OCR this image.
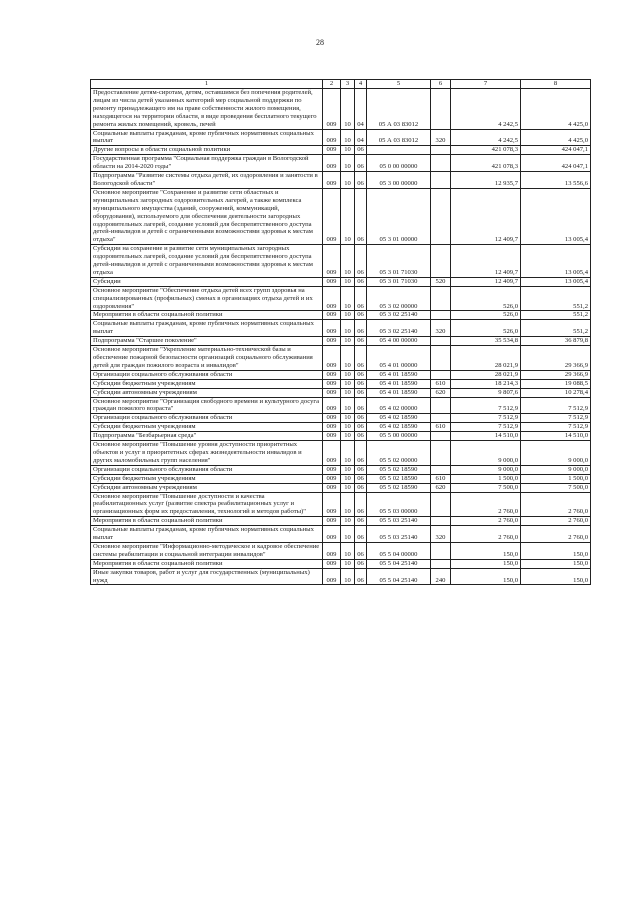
28
1	2	3	4	5	6	7	8
Предоставление детям-сиротам, детям, оставшимся без попечения родителей, лицам из числа детей указанных категорий мер социальной поддержки по ремонту принадлежащего им на праве собственности жилого помещения, находящегося на территории области, в виде проведения бесплатного текущего ремонта жилых помещений, кровель, печей	009	10	04	05 А 03 83012		4 242,5	4 425,0
Социальные выплаты гражданам, кроме публичных нормативных социальных выплат	009	10	04	05 А 03 83012	320	4 242,5	4 425,0
Другие вопросы в области социальной политики	009	10	06			421 078,3	424 047,1
Государственная программа "Социальная поддержка граждан в Вологодской области на 2014-2020 годы"	009	10	06	05 0 00 00000		421 078,3	424 047,1
Подпрограмма "Развитие системы отдыха детей, их оздоровления и занятости в Вологодской области"	009	10	06	05 3 00 00000		12 935,7	13 556,6
Основное мероприятие "Сохранение и развитие сети областных и муниципальных загородных оздоровительных лагерей, а также комплекса муниципального имущества (зданий, сооружений, коммуникаций, оборудования), используемого для обеспечения деятельности загородных оздоровительных лагерей, создание условий для беспрепятственного доступа детей-инвалидов и детей с ограниченными возможностями здоровья к местам отдыха"	009	10	06	05 3 01 00000		12 409,7	13 005,4
Субсидии на сохранение и развитие сети муниципальных загородных оздоровительных лагерей, создание условий для беспрепятственного доступа детей-инвалидов и детей с ограниченными возможностями здоровья к местам отдыха	009	10	06	05 3 01 71030		12 409,7	13 005,4
Субсидии	009	10	06	05 3 01 71030	520	12 409,7	13 005,4
Основное мероприятие "Обеспечение отдыха детей всех групп здоровья на специализированных (профильных) сменах в организациях отдыха детей и их оздоровления"	009	10	06	05 3 02 00000		526,0	551,2
Мероприятия в области социальной политики	009	10	06	05 3 02 25140		526,0	551,2
Социальные выплаты гражданам, кроме публичных нормативных социальных выплат	009	10	06	05 3 02 25140	320	526,0	551,2
Подпрограмма "Старшее поколение"	009	10	06	05 4 00 00000		35 534,8	36 879,8
Основное мероприятие "Укрепление материально-технической базы и обеспечение пожарной безопасности организаций социального обслуживания детей для граждан пожилого возраста и инвалидов"	009	10	06	05 4 01 00000		28 021,9	29 366,9
Организации социального обслуживания области	009	10	06	05 4 01 18590		28 021,9	29 366,9
Субсидии бюджетным учреждениям	009	10	06	05 4 01 18590	610	18 214,3	19 088,5
Субсидии автономным учреждениям	009	10	06	05 4 01 18590	620	9 807,6	10 278,4
Основное мероприятие "Организация свободного времени и культурного досуга граждан пожилого возраста"	009	10	06	05 4 02 00000		7 512,9	7 512,9
Организации социального обслуживания области	009	10	06	05 4 02 18590		7 512,9	7 512,9
Субсидии бюджетным учреждениям	009	10	06	05 4 02 18590	610	7 512,9	7 512,9
Подпрограмма "Безбарьерная среда"	009	10	06	05 5 00 00000		14 510,0	14 510,0
Основное мероприятие "Повышение уровня доступности приоритетных объектов и услуг в приоритетных сферах жизнедеятельности инвалидов и других маломобильных групп населения"	009	10	06	05 5 02 00000		9 000,0	9 000,0
Организации социального обслуживания области	009	10	06	05 5 02 18590		9 000,0	9 000,0
Субсидии бюджетным учреждениям	009	10	06	05 5 02 18590	610	1 500,0	1 500,0
Субсидии автономным учреждениям	009	10	06	05 5 02 18590	620	7 500,0	7 500,0
Основное мероприятие "Повышение доступности и качества реабилитационных услуг (развитие спектра реабилитационных услуг и организационных форм их предоставления, технологий и методов работы)"	009	10	06	05 5 03 00000		2 760,0	2 760,0
Мероприятия в области социальной политики	009	10	06	05 5 03 25140		2 760,0	2 760,0
Социальные выплаты гражданам, кроме публичных нормативных социальных выплат	009	10	06	05 5 03 25140	320	2 760,0	2 760,0
Основное мероприятие "Информационно-методическое и кадровое обеспечение системы реабилитации и социальной интеграции инвалидов"	009	10	06	05 5 04 00000		150,0	150,0
Мероприятия в области социальной политики	009	10	06	05 5 04 25140		150,0	150,0
Иные закупки товаров, работ и услуг для государственных (муниципальных) нужд	009	10	06	05 5 04 25140	240	150,0	150,0
